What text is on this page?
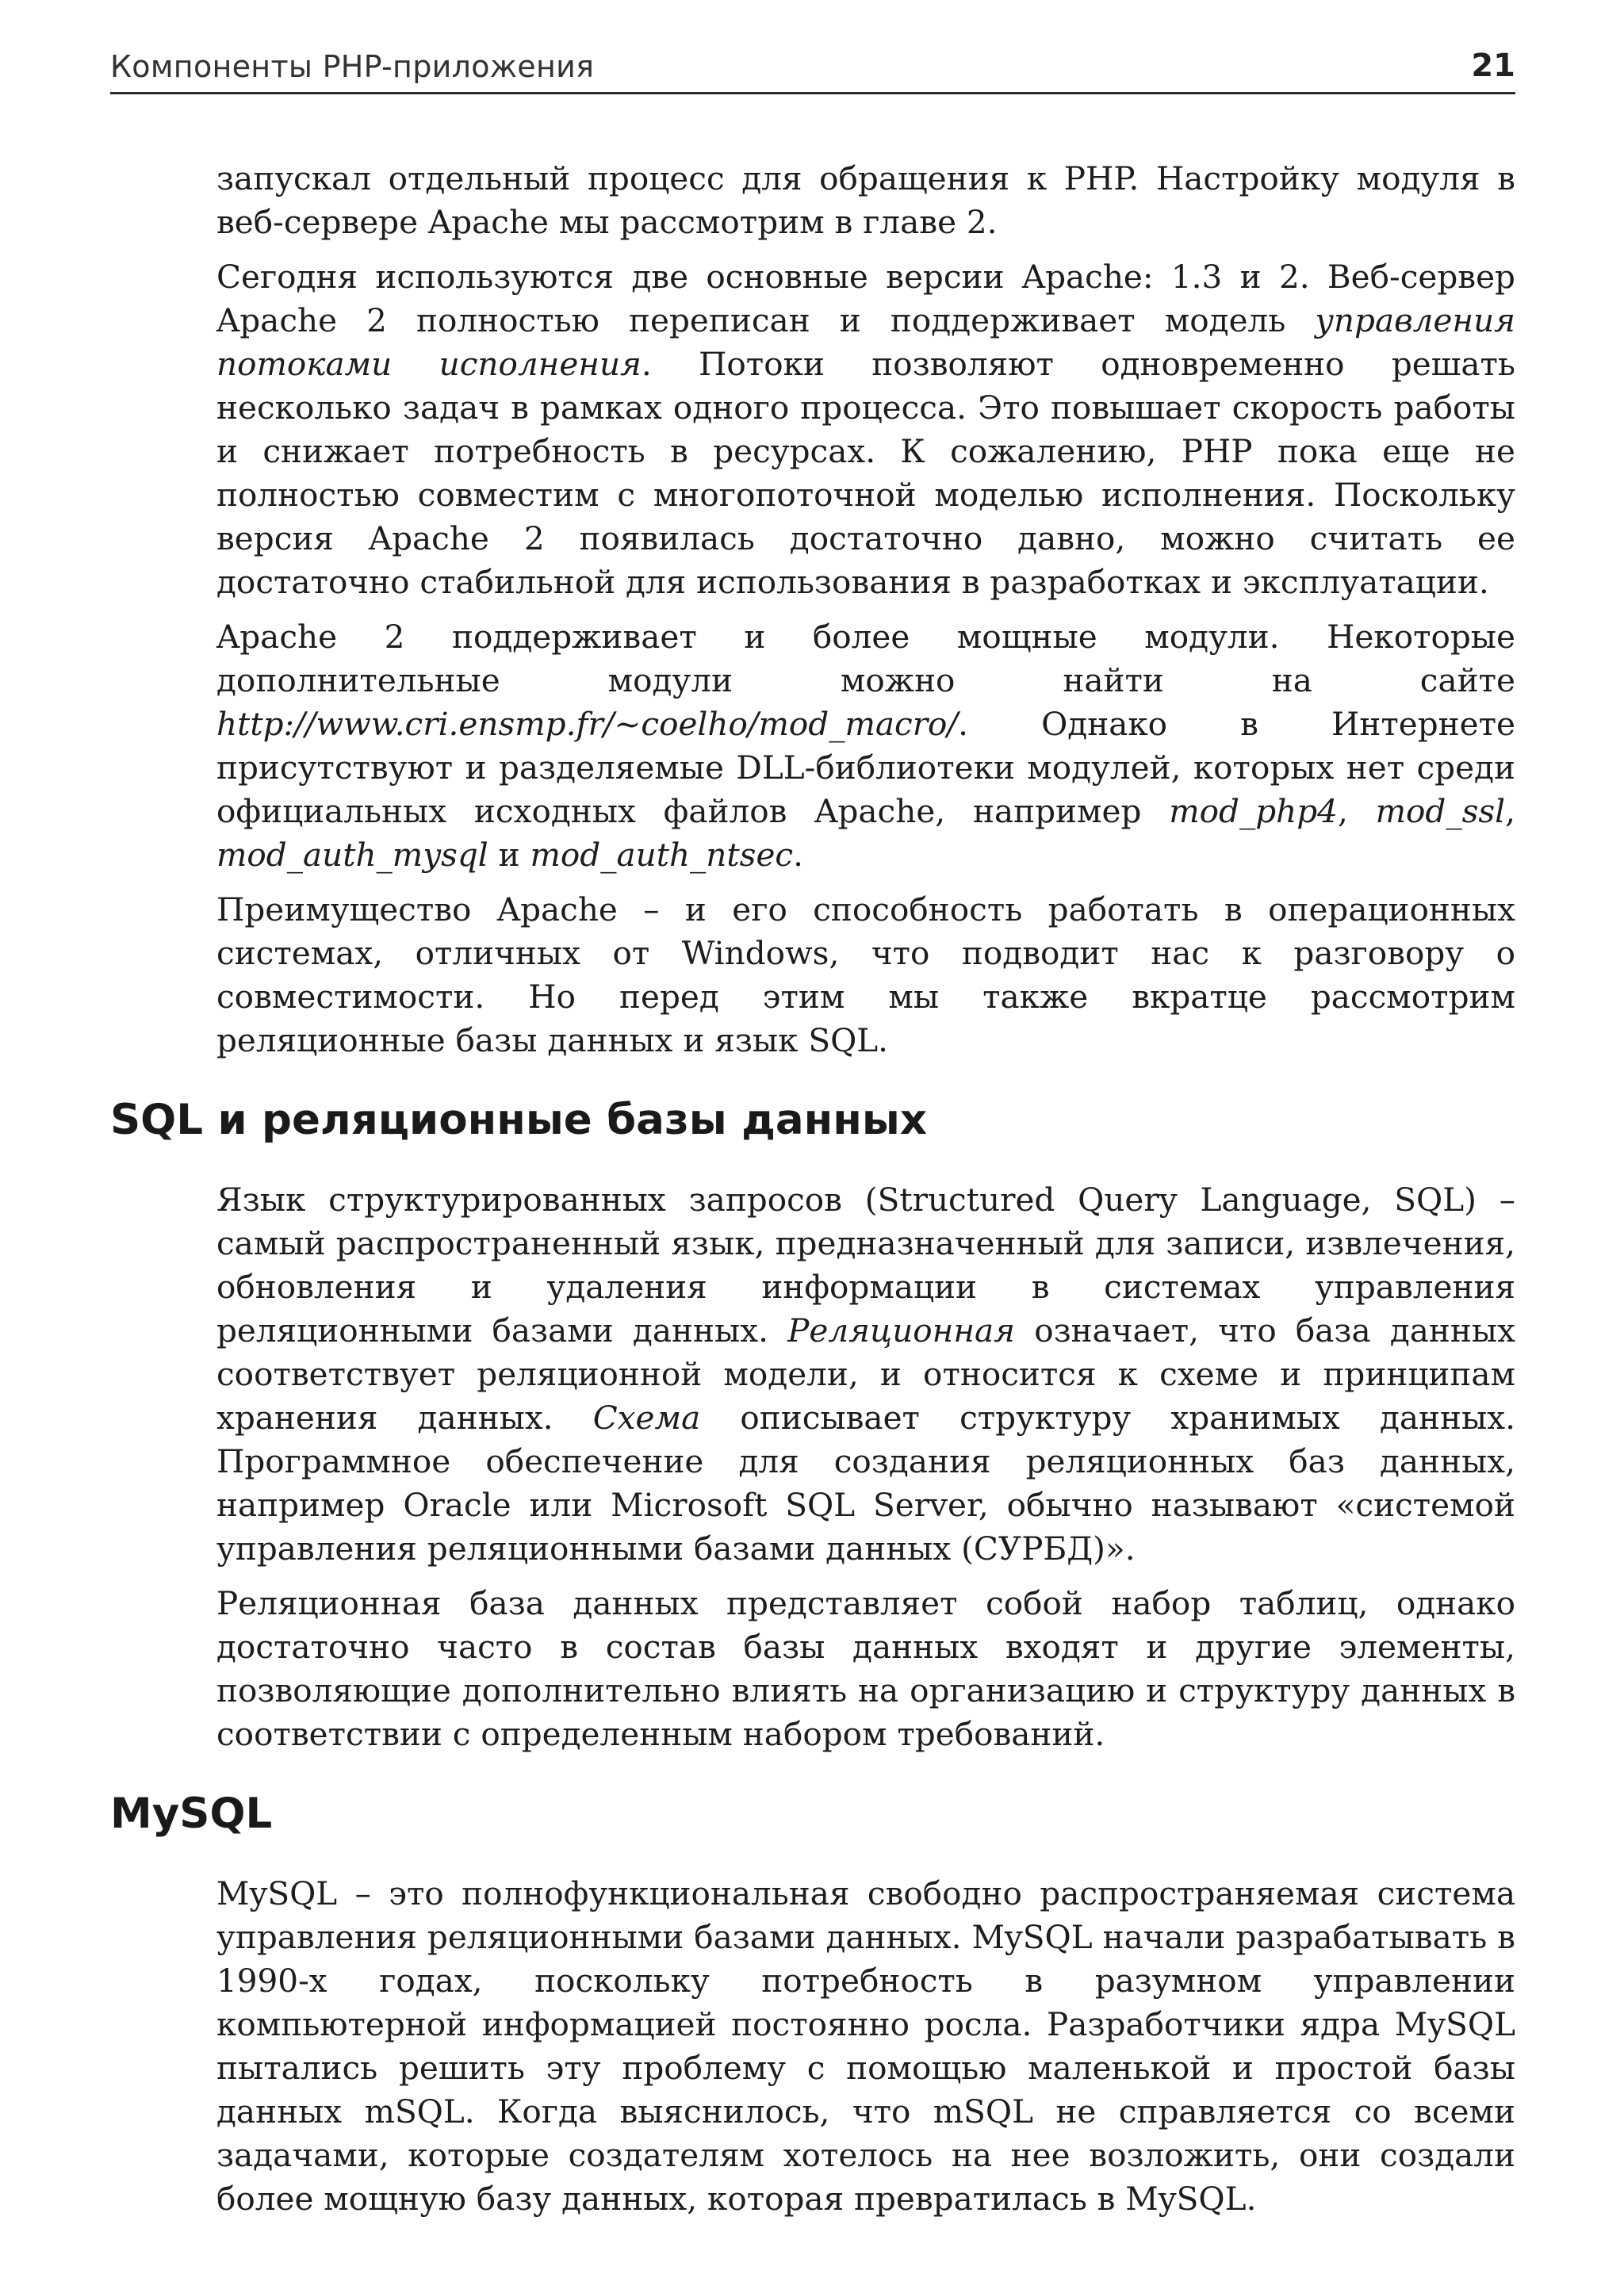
Компоненты PHP-приложения	21

запускал отдельный процесс для обращения к PHP. Настройку модуля в веб-сервере Apache мы рассмотрим в главе 2.

Сегодня используются две основные версии Apache: 1.3 и 2. Веб-сервер Apache 2 полностью переписан и поддерживает модель управления потоками исполнения. Потоки позволяют одновременно решать несколько задач в рамках одного процесса. Это повышает скорость работы и снижает потребность в ресурсах. К сожалению, PHP пока еще не полностью совместим с многопоточной моделью исполнения. Поскольку версия Apache 2 появилась достаточно давно, можно считать ее достаточно стабильной для использования в разработках и эксплуатации.

Apache 2 поддерживает и более мощные модули. Некоторые дополнительные модули можно найти на сайте http://www.cri.ensmp.fr/~coelho/mod_macro/. Однако в Интернете присутствуют и разделяемые DLL-библиотеки модулей, которых нет среди официальных исходных файлов Apache, например mod_php4, mod_ssl, mod_auth_mysql и mod_auth_ntsec.

Преимущество Apache – и его способность работать в операционных системах, отличных от Windows, что подводит нас к разговору о совместимости. Но перед этим мы также вкратце рассмотрим реляционные базы данных и язык SQL.

SQL и реляционные базы данных

Язык структурированных запросов (Structured Query Language, SQL) – самый распространенный язык, предназначенный для записи, извлечения, обновления и удаления информации в системах управления реляционными базами данных. Реляционная означает, что база данных соответствует реляционной модели, и относится к схеме и принципам хранения данных. Схема описывает структуру хранимых данных. Программное обеспечение для создания реляционных баз данных, например Oracle или Microsoft SQL Server, обычно называют «системой управления реляционными базами данных (СУРБД)».

Реляционная база данных представляет собой набор таблиц, однако достаточно часто в состав базы данных входят и другие элементы, позволяющие дополнительно влиять на организацию и структуру данных в соответствии с определенным набором требований.

MySQL

MySQL – это полнофункциональная свободно распространяемая система управления реляционными базами данных. MySQL начали разрабатывать в 1990-х годах, поскольку потребность в разумном управлении компьютерной информацией постоянно росла. Разработчики ядра MySQL пытались решить эту проблему с помощью маленькой и простой базы данных mSQL. Когда выяснилось, что mSQL не справляется со всеми задачами, которые создателям хотелось на нее возложить, они создали более мощную базу данных, которая превратилась в MySQL.
